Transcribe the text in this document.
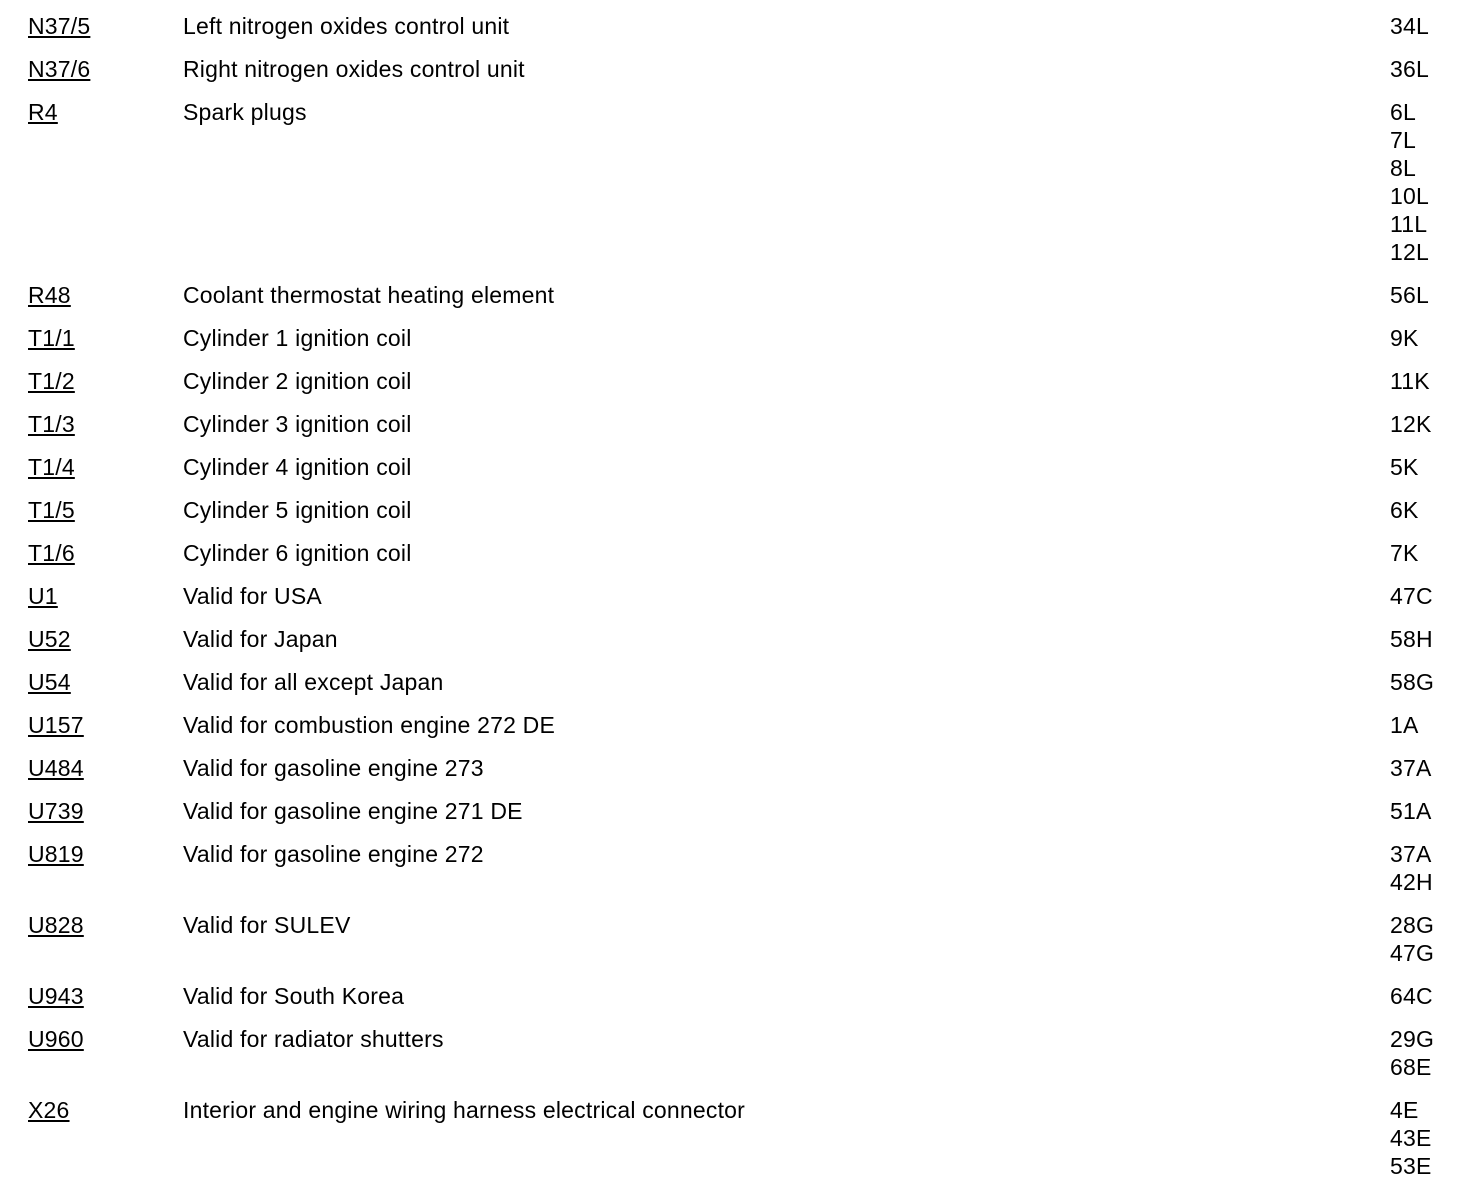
N37/5	Left nitrogen oxides control unit	34L
N37/6	Right nitrogen oxides control unit	36L
R4	Spark plugs	6L
7L
8L
10L
11L
12L
R48	Coolant thermostat heating element	56L
T1/1	Cylinder 1 ignition coil	9K
T1/2	Cylinder 2 ignition coil	11K
T1/3	Cylinder 3 ignition coil	12K
T1/4	Cylinder 4 ignition coil	5K
T1/5	Cylinder 5 ignition coil	6K
T1/6	Cylinder 6 ignition coil	7K
U1	Valid for USA	47C
U52	Valid for Japan	58H
U54	Valid for all except Japan	58G
U157	Valid for combustion engine 272 DE	1A
U484	Valid for gasoline engine 273	37A
U739	Valid for gasoline engine 271 DE	51A
U819	Valid for gasoline engine 272	37A
42H
U828	Valid for SULEV	28G
47G
U943	Valid for South Korea	64C
U960	Valid for radiator shutters	29G
68E
X26	Interior and engine wiring harness electrical connector	4E
43E
53E
